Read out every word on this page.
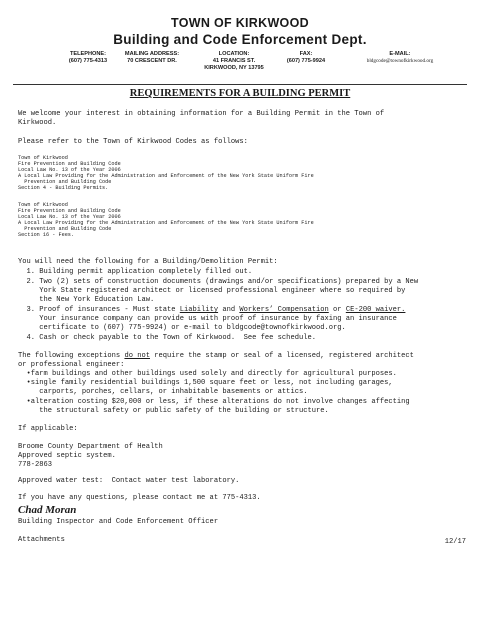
TOWN OF KIRKWOOD
Building and Code Enforcement Dept.
TELEPHONE:
(607) 775-4313
MAILING ADDRESS:
70 CRESCENT DR.
LOCATION:
41 FRANCIS ST.
KIRKWOOD, NY 13795
FAX:
(607) 775-9924
E-MAIL:
bldgcode@townofkirkwood.org
REQUIREMENTS FOR A BUILDING PERMIT
We welcome your interest in obtaining information for a Building Permit in the Town of
Kirkwood.
Please refer to the Town of Kirkwood Codes as follows:
Town of Kirkwood
Fire Prevention and Building Code
Local Law No. 13 of the Year 2006
A Local Law Providing for the Administration and Enforcement of the New York State Uniform Fire
Prevention and Building Code
Section 4 - Building Permits.
Town of Kirkwood
Fire Prevention and Building Code
Local Law No. 13 of the Year 2006
A Local Law Providing for the Administration and Enforcement of the New York State Uniform Fire
Prevention and Building Code
Section 16 - Fees.
You will need the following for a Building/Demolition Permit:
1. Building permit application completely filled out.
2. Two (2) sets of construction documents (drawings and/or specifications) prepared by a New
York State registered architect or licensed professional engineer where so required by
the New York Education Law.
3. Proof of insurances - Must state Liability and Workers’ Compensation or CE-200 waiver.
Your insurance company can provide us with proof of insurance by faxing an insurance
certificate to (607) 775-9924) or e-mail to bldgcode@townofkirkwood.org.
4. Cash or check payable to the Town of Kirkwood.  See fee schedule.
The following exceptions do not require the stamp or seal of a licensed, registered architect
or professional engineer:
•farm buildings and other buildings used solely and directly for agricultural purposes.
•single family residential buildings 1,500 square feet or less, not including garages,
carports, porches, cellars, or inhabitable basements or attics.
•alteration costing $20,000 or less, if these alterations do not involve changes affecting
the structural safety or public safety of the building or structure.
If applicable:
Broome County Department of Health
Approved septic system.
778-2863
Approved water test:  Contact water test laboratory.
If you have any questions, please contact me at 775-4313.
Chad Moran
Building Inspector and Code Enforcement Officer
Attachments	12/17
